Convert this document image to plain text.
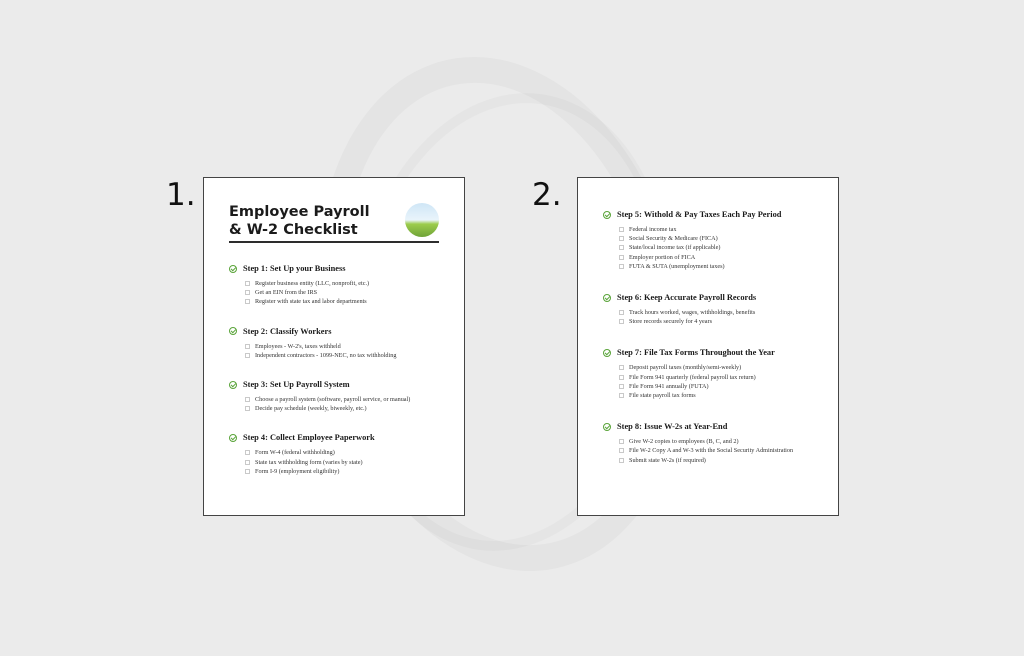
1.	2.
Employee Payroll
& W-2 Checklist
Step 1: Set Up your Business
Register business entity (LLC, nonprofit, etc.)
Get an EIN from the IRS
Register with state tax and labor departments
Step 2: Classify Workers
Employees - W-2's, taxes withheld
Independent contractors - 1099-NEC, no tax withholding
Step 3: Set Up Payroll System
Choose a payroll system (software, payroll service, or manual)
Decide pay schedule (weekly, biweekly, etc.)
Step 4: Collect Employee Paperwork
Form W-4 (federal withholding)
State tax withholding form (varies by state)
Form I-9 (employment eligibility)
Step 5: Withold & Pay Taxes Each Pay Period
Federal income tax
Social Security & Medicare (FICA)
State/local income tax (if applicable)
Employer portion of FICA
FUTA & SUTA (unemployment taxes)
Step 6: Keep Accurate Payroll Records
Track hours worked, wages, withholdings, benefits
Store records securely for 4 years
Step 7: File Tax Forms Throughout the Year
Deposit payroll taxes (monthly/semi-weekly)
File Form 941 quarterly (federal payroll tax return)
File Form 941 annually (FUTA)
File state payroll tax forms
Step 8: Issue W-2s at Year-End
Give W-2 copies to employees (B, C, and 2)
File W-2 Copy A and W-3 with the Social Security Administration
Submit state W-2s (if required)
